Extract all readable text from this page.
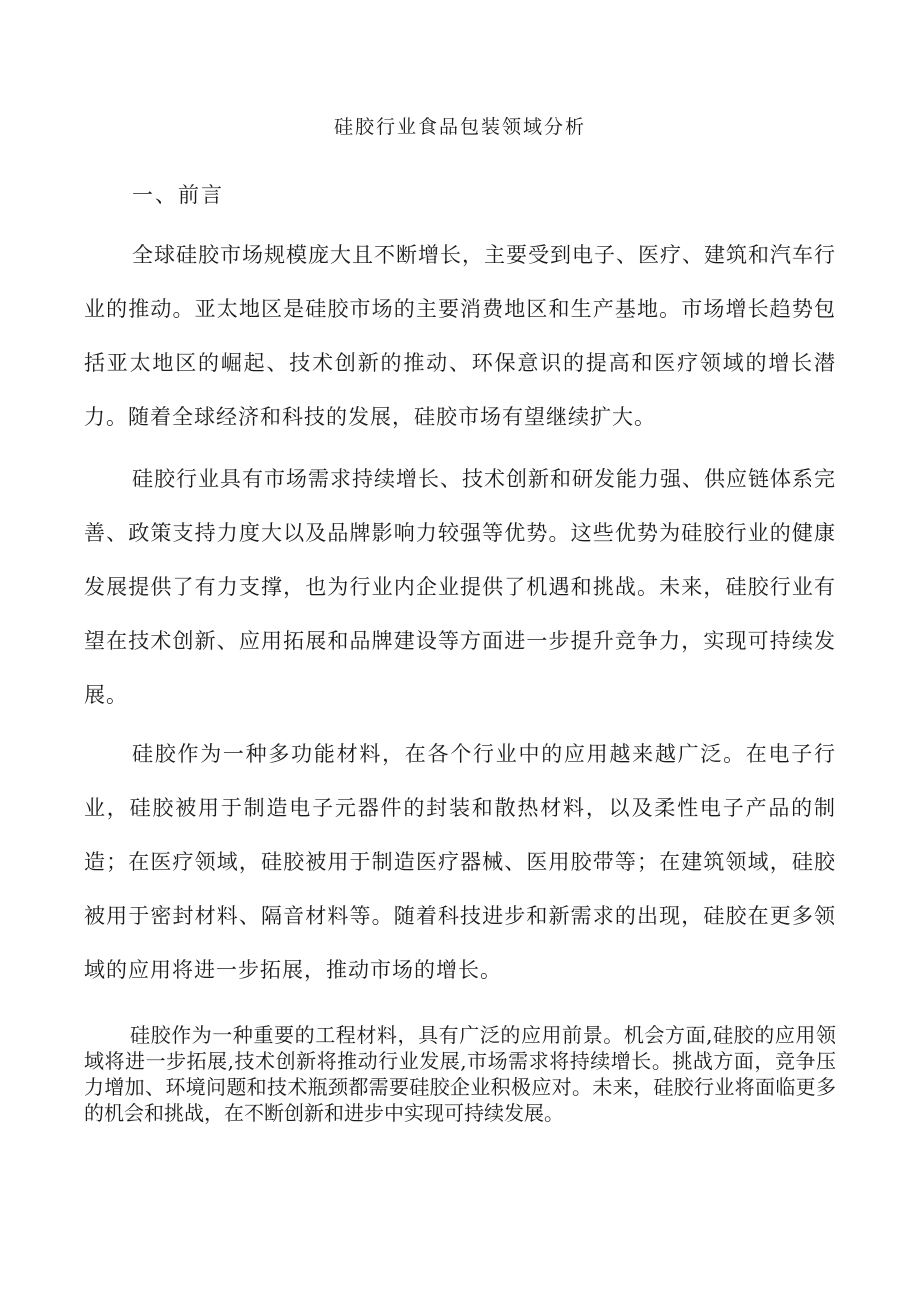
硅胶行业食品包装领域分析
一、前言

全球硅胶市场规模庞大且不断增长，主要受到电子、医疗、建筑和汽车行业的推动。亚太地区是硅胶市场的主要消费地区和生产基地。市场增长趋势包括亚太地区的崛起、技术创新的推动、环保意识的提高和医疗领域的增长潜力。随着全球经济和科技的发展，硅胶市场有望继续扩大。

硅胶行业具有市场需求持续增长、技术创新和研发能力强、供应链体系完善、政策支持力度大以及品牌影响力较强等优势。这些优势为硅胶行业的健康发展提供了有力支撑，也为行业内企业提供了机遇和挑战。未来，硅胶行业有望在技术创新、应用拓展和品牌建设等方面进一步提升竞争力，实现可持续发展。

硅胶作为一种多功能材料，在各个行业中的应用越来越广泛。在电子行业，硅胶被用于制造电子元器件的封装和散热材料，以及柔性电子产品的制造；在医疗领域，硅胶被用于制造医疗器械、医用胶带等；在建筑领域，硅胶被用于密封材料、隔音材料等。随着科技进步和新需求的出现，硅胶在更多领域的应用将进一步拓展，推动市场的增长。

硅胶作为一种重要的工程材料，具有广泛的应用前景。机会方面,硅胶的应用领域将进一步拓展,技术创新将推动行业发展,市场需求将持续增长。挑战方面，竞争压力增加、环境问题和技术瓶颈都需要硅胶企业积极应对。未来，硅胶行业将面临更多的机会和挑战，在不断创新和进步中实现可持续发展。
